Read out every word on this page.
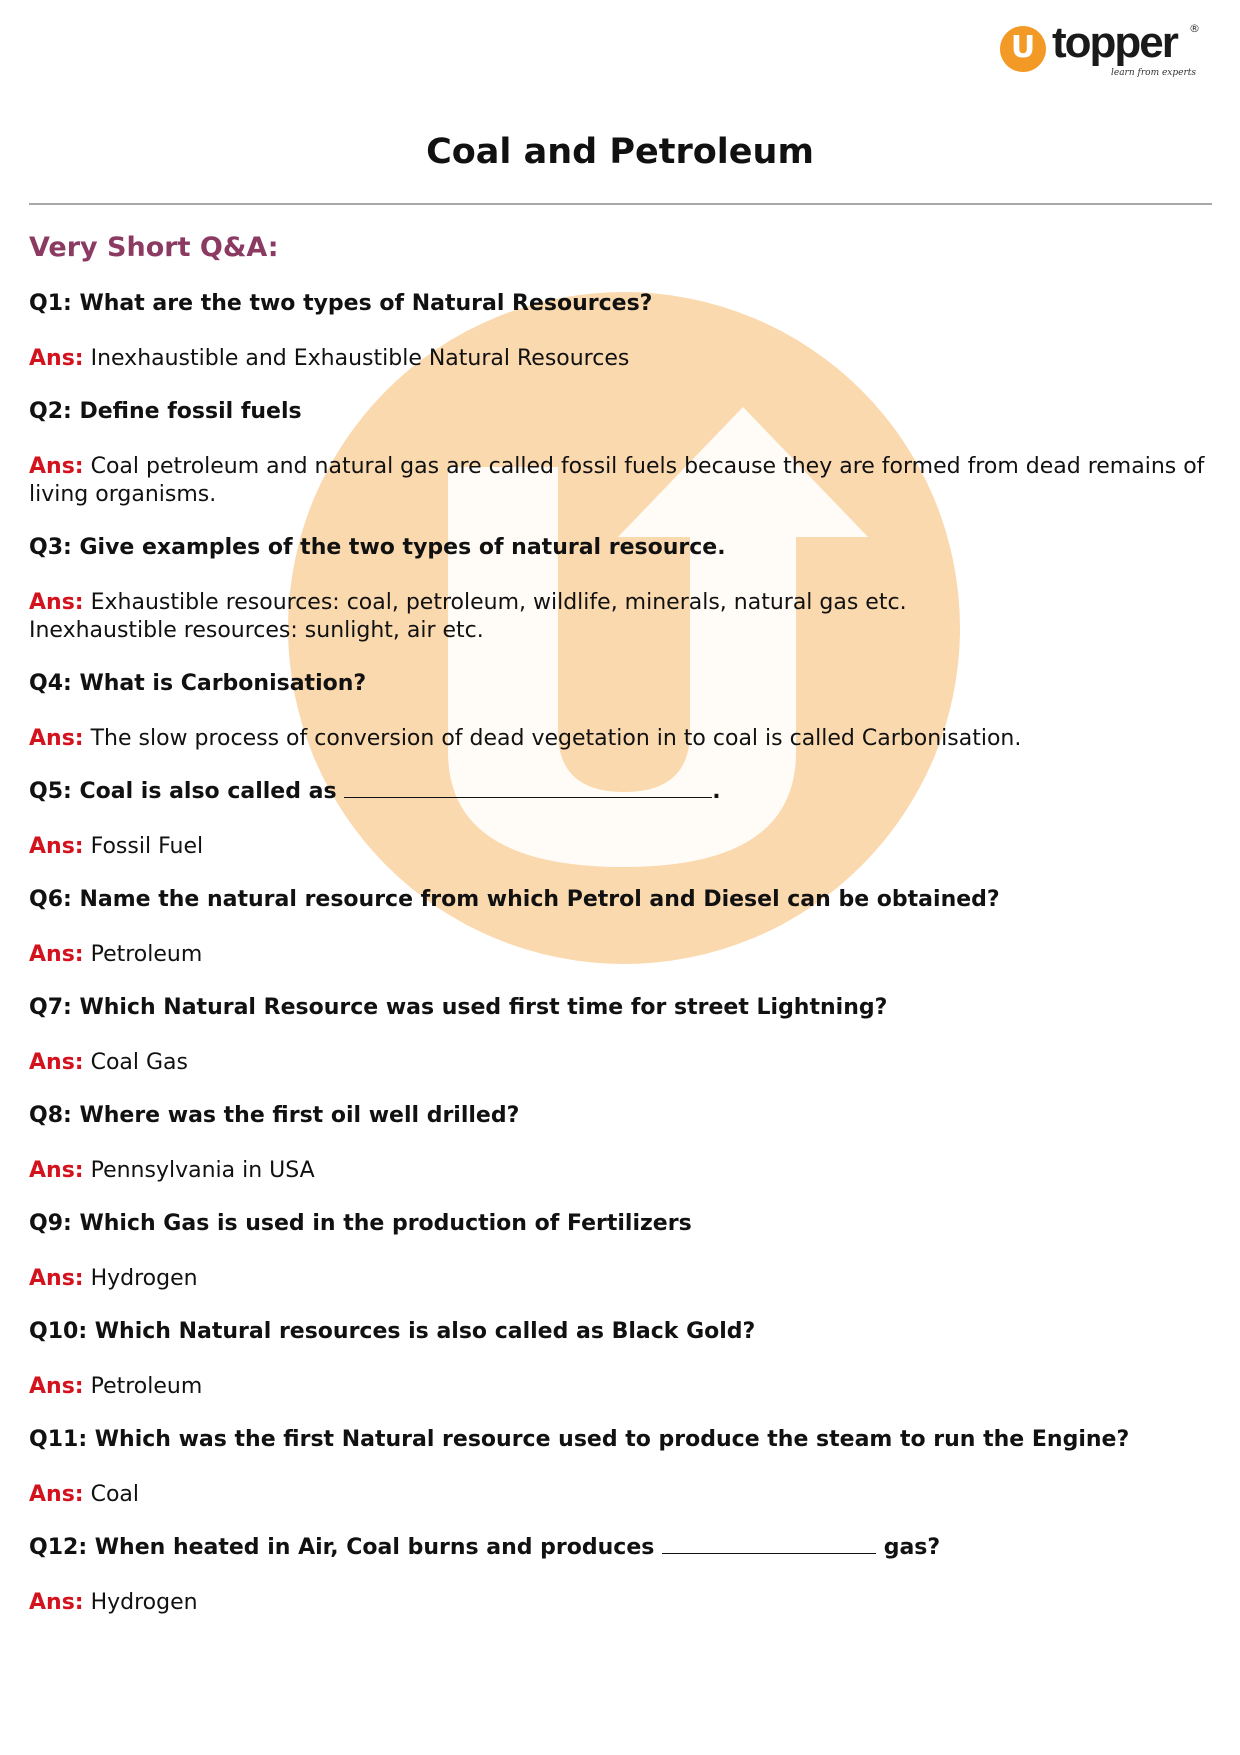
U topper ®
learn from experts
Coal and Petroleum
Very Short Q&A:

Q1: What are the two types of Natural Resources?

Ans: Inexhaustible and Exhaustible Natural Resources

Q2: Define fossil fuels

Ans: Coal petroleum and natural gas are called fossil fuels because they are formed from dead remains of living organisms.

Q3: Give examples of the two types of natural resource.

Ans: Exhaustible resources: coal, petroleum, wildlife, minerals, natural gas etc.
Inexhaustible resources: sunlight, air etc.

Q4: What is Carbonisation?

Ans: The slow process of conversion of dead vegetation in to coal is called Carbonisation.

Q5: Coal is also called as	.

Ans: Fossil Fuel

Q6: Name the natural resource from which Petrol and Diesel can be obtained?

Ans: Petroleum

Q7: Which Natural Resource was used first time for street Lightning?

Ans: Coal Gas

Q8: Where was the first oil well drilled?

Ans: Pennsylvania in USA

Q9: Which Gas is used in the production of Fertilizers

Ans: Hydrogen

Q10: Which Natural resources is also called as Black Gold?

Ans: Petroleum

Q11: Which was the first Natural resource used to produce the steam to run the Engine?

Ans: Coal

Q12: When heated in Air, Coal burns and produces	gas?

Ans: Hydrogen
